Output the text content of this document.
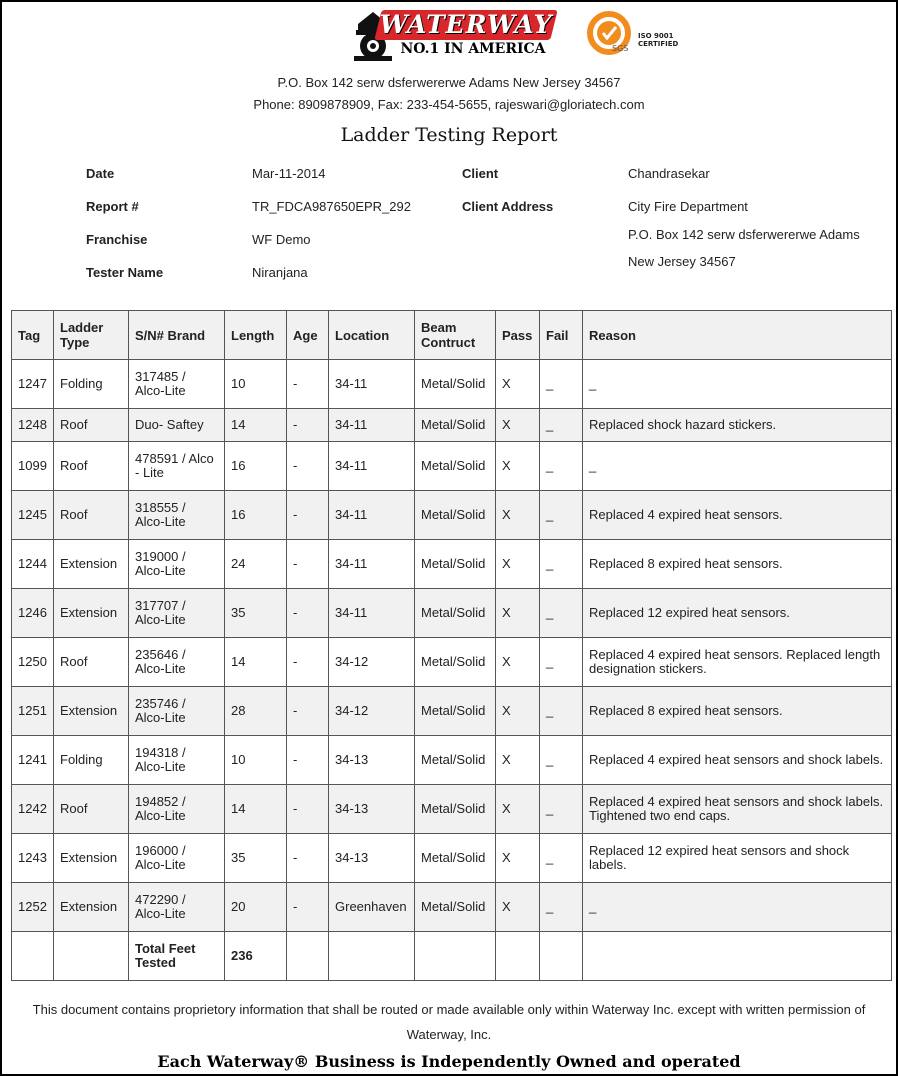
WATERWAY
NO.1 IN AMERICA	SGS
ISO 9001
CERTIFIED
P.O. Box 142 serw dsferwererwe Adams New Jersey 34567
Phone: 8909878909, Fax: 233-454-5655, rajeswari@gloriatech.com
Ladder Testing Report
Date	Mar-11-2014
Report #	TR_FDCA987650EPR_292
Franchise	WF Demo
Tester Name	Niranjana
Client	Chandrasekar
Client Address	City Fire Department
P.O. Box 142 serw dsferwererwe Adams
New Jersey 34567
Tag	Ladder Type	S/N# Brand	Length	Age	Location	Beam Contruct	Pass	Fail	Reason
1247	Folding	317485 / Alco-Lite	10	-	34-11	Metal/Solid	X	_	_
1248	Roof	Duo- Saftey	14	-	34-11	Metal/Solid	X	_	Replaced shock hazard stickers.
1099	Roof	478591 / Alco - Lite	16	-	34-11	Metal/Solid	X	_	_
1245	Roof	318555 / Alco-Lite	16	-	34-11	Metal/Solid	X	_	Replaced 4 expired heat sensors.
1244	Extension	319000 / Alco-Lite	24	-	34-11	Metal/Solid	X	_	Replaced 8 expired heat sensors.
1246	Extension	317707 / Alco-Lite	35	-	34-11	Metal/Solid	X	_	Replaced 12 expired heat sensors.
1250	Roof	235646 / Alco-Lite	14	-	34-12	Metal/Solid	X	_	Replaced 4 expired heat sensors. Replaced length designation stickers.
1251	Extension	235746 / Alco-Lite	28	-	34-12	Metal/Solid	X	_	Replaced 8 expired heat sensors.
1241	Folding	194318 / Alco-Lite	10	-	34-13	Metal/Solid	X	_	Replaced 4 expired heat sensors and shock labels.
1242	Roof	194852 / Alco-Lite	14	-	34-13	Metal/Solid	X	_	Replaced 4 expired heat sensors and shock labels. Tightened two end caps.
1243	Extension	196000 / Alco-Lite	35	-	34-13	Metal/Solid	X	_	Replaced 12 expired heat sensors and shock labels.
1252	Extension	472290 / Alco-Lite	20	-	Greenhaven	Metal/Solid	X	_	_
		Total Feet Tested	236						
This document contains proprietory information that shall be routed or made available only within Waterway Inc. except with written permission of Waterway, Inc.
Each Waterway® Business is Independently Owned and operated
